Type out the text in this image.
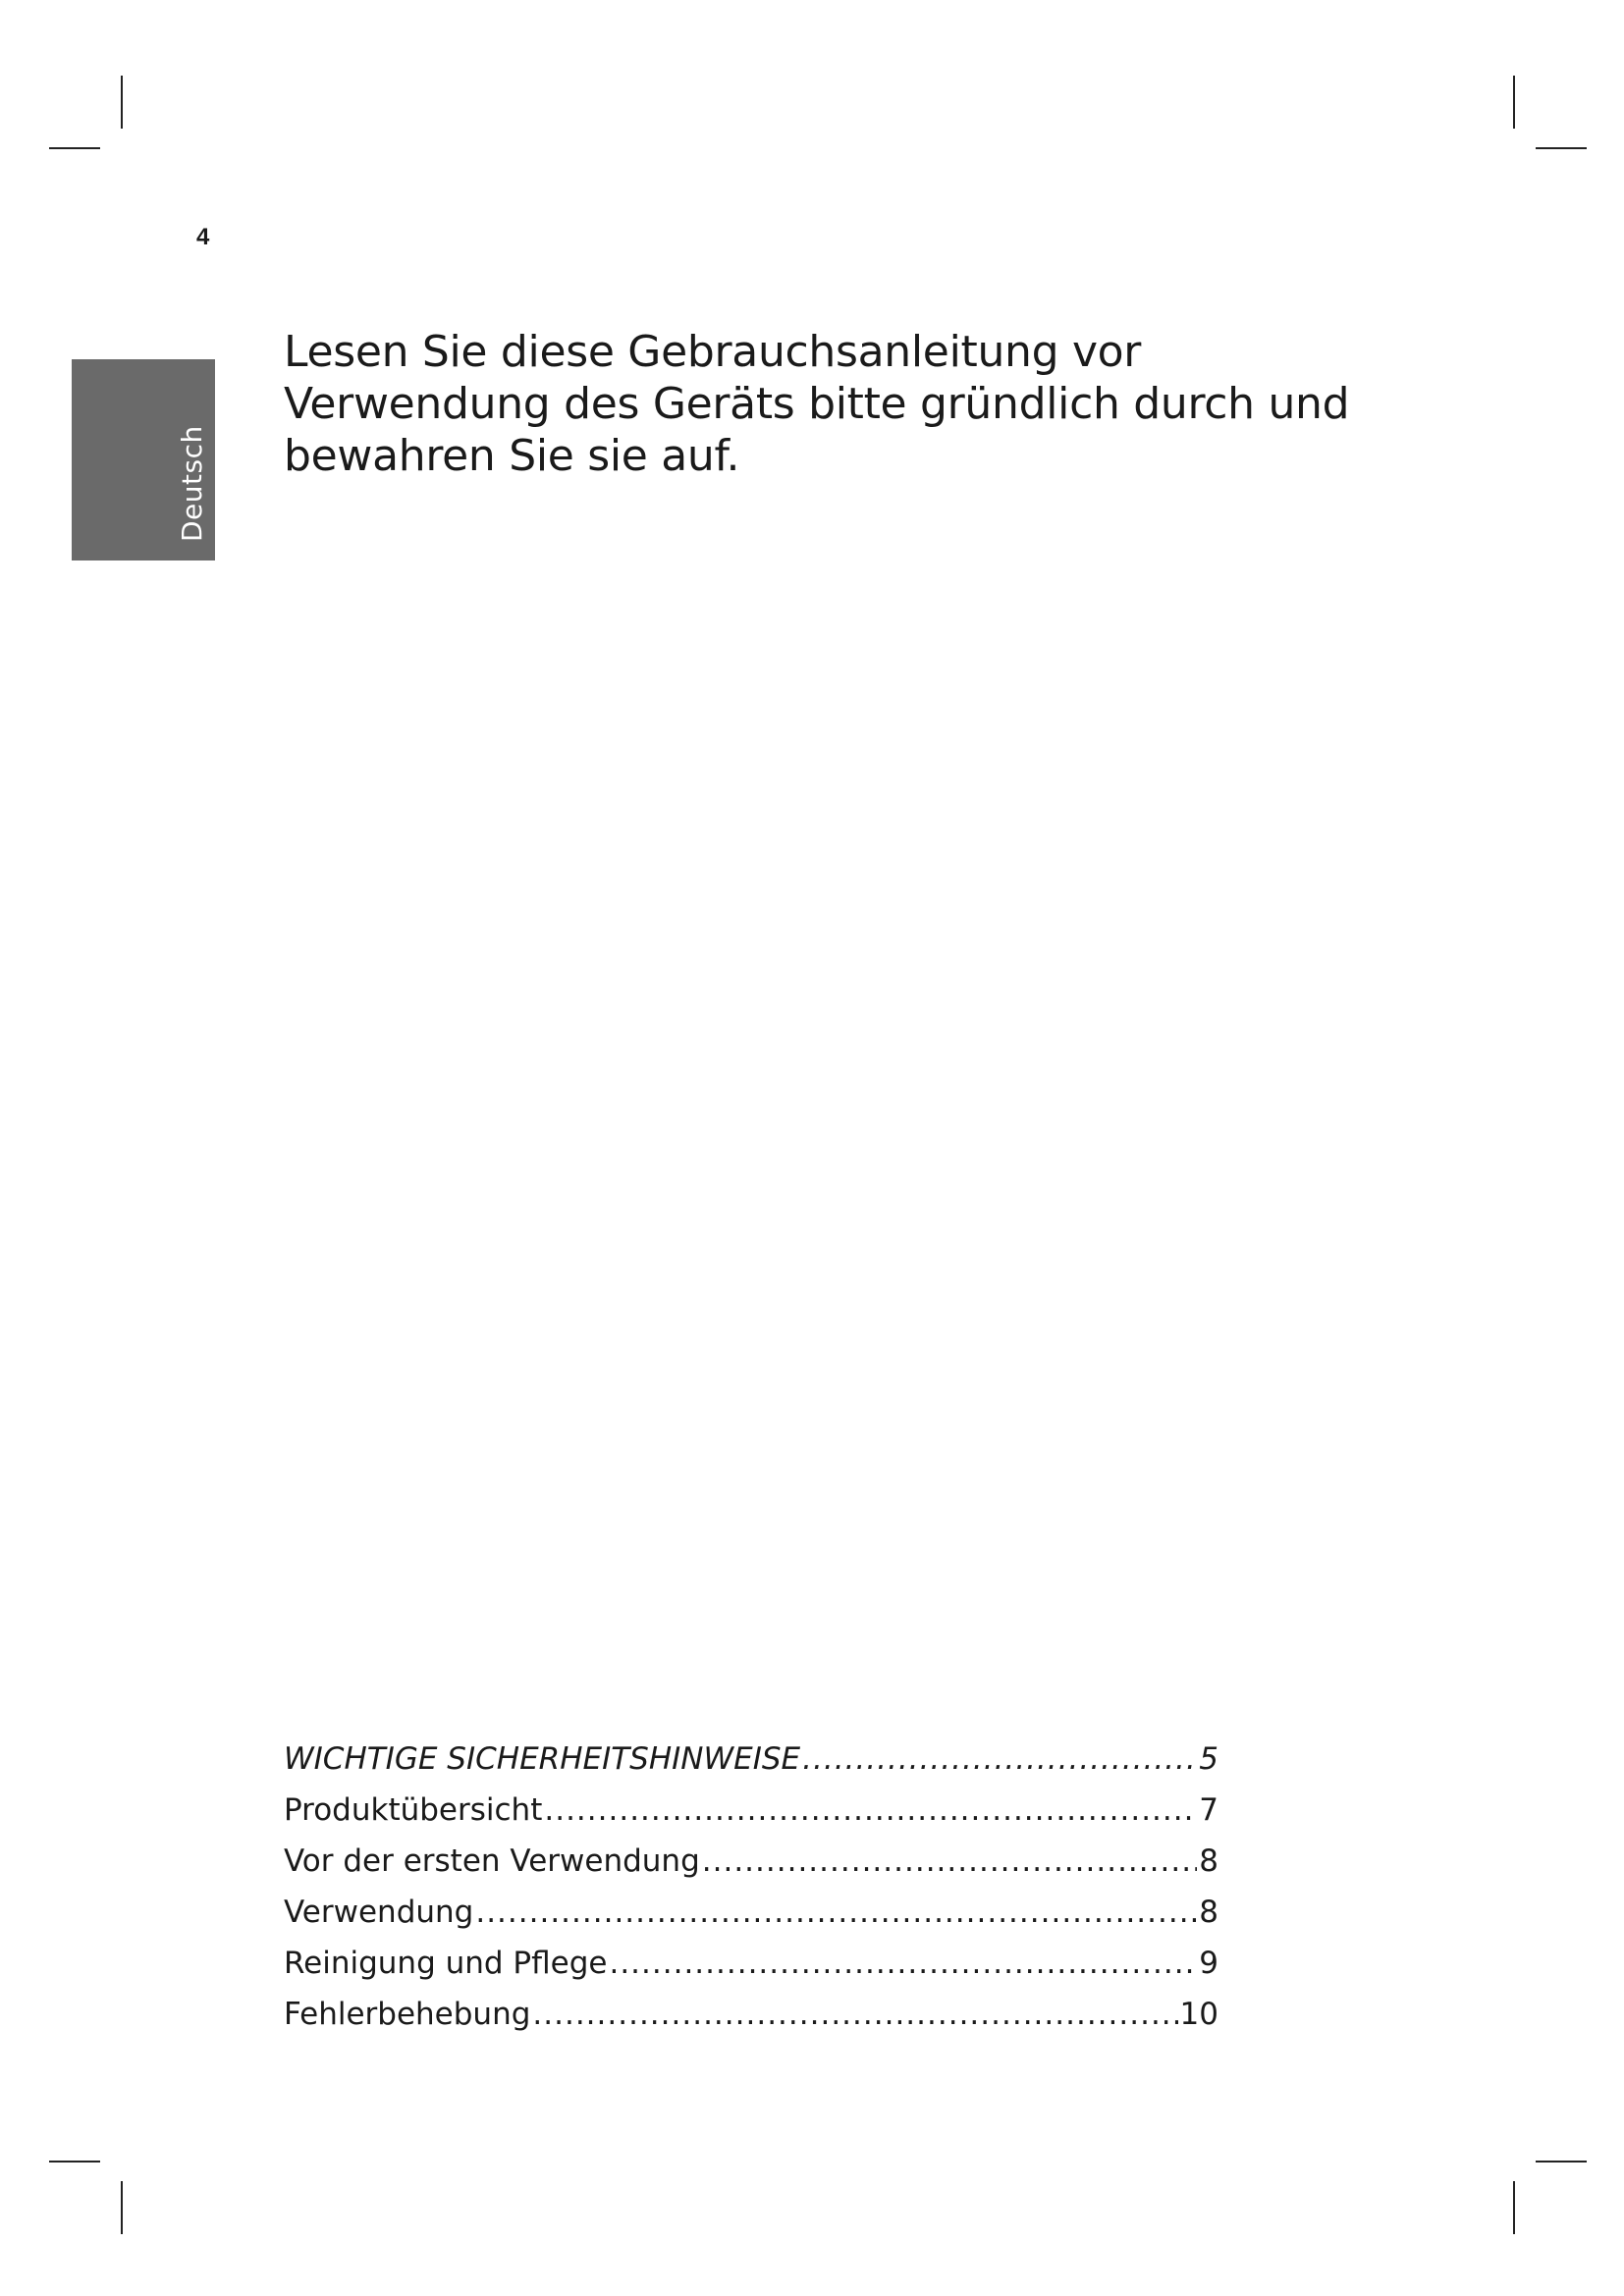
4
Deutsch
Lesen Sie diese Gebrauchsanleitung vor
Verwendung des Geräts bitte gründlich durch und
bewahren Sie sie auf.
WICHTIGE SICHERHEITSHINWEISE .....	5
Produktübersicht .....	7
Vor der ersten Verwendung .....	8
Verwendung .....	8
Reinigung und Pflege .....	9
Fehlerbehebung .....	10
